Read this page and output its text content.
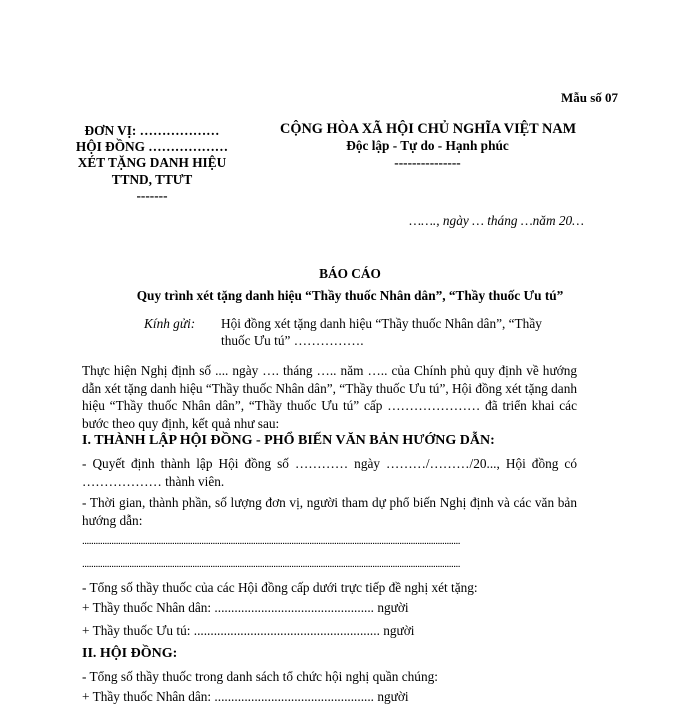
Mẫu số 07
ĐƠN VỊ: ………………
HỘI ĐỒNG ………………
XÉT TẶNG DANH HIỆU
TTND, TTƯT
-------
CỘNG HÒA XÃ HỘI CHỦ NGHĨA VIỆT NAM
Độc lập - Tự do - Hạnh phúc
---------------
……., ngày … tháng …năm 20…
BÁO CÁO
Quy trình xét tặng danh hiệu “Thầy thuốc Nhân dân”, “Thầy thuốc Ưu tú”
Kính gửi: Hội đồng xét tặng danh hiệu “Thầy thuốc Nhân dân”, “Thầy thuốc Ưu tú” …………….
Thực hiện Nghị định số .... ngày …. tháng ….. năm ….. của Chính phủ quy định về hướng dẫn xét tặng danh hiệu “Thầy thuốc Nhân dân”, “Thầy thuốc Ưu tú”, Hội đồng xét tặng danh hiệu “Thầy thuốc Nhân dân”, “Thầy thuốc Ưu tú” cấp ………………… đã triển khai các bước theo quy định, kết quả như sau:
I. THÀNH LẬP HỘI ĐỒNG - PHỔ BIẾN VĂN BẢN HƯỚNG DẪN:
- Quyết định thành lập Hội đồng số ………… ngày ………/………/20..., Hội đồng có ……………… thành viên.
- Thời gian, thành phần, số lượng đơn vị, người tham dự phổ biến Nghị định và các văn bản hướng dẫn:
........................................................................................................................................................................
........................................................................................................................................................................
- Tổng số thầy thuốc của các Hội đồng cấp dưới trực tiếp đề nghị xét tặng:
+ Thầy thuốc Nhân dân: ................................................ người
+ Thầy thuốc Ưu tú: ........................................................ người
II. HỘI ĐỒNG:
- Tổng số thầy thuốc trong danh sách tổ chức hội nghị quần chúng:
+ Thầy thuốc Nhân dân: ................................................ người
